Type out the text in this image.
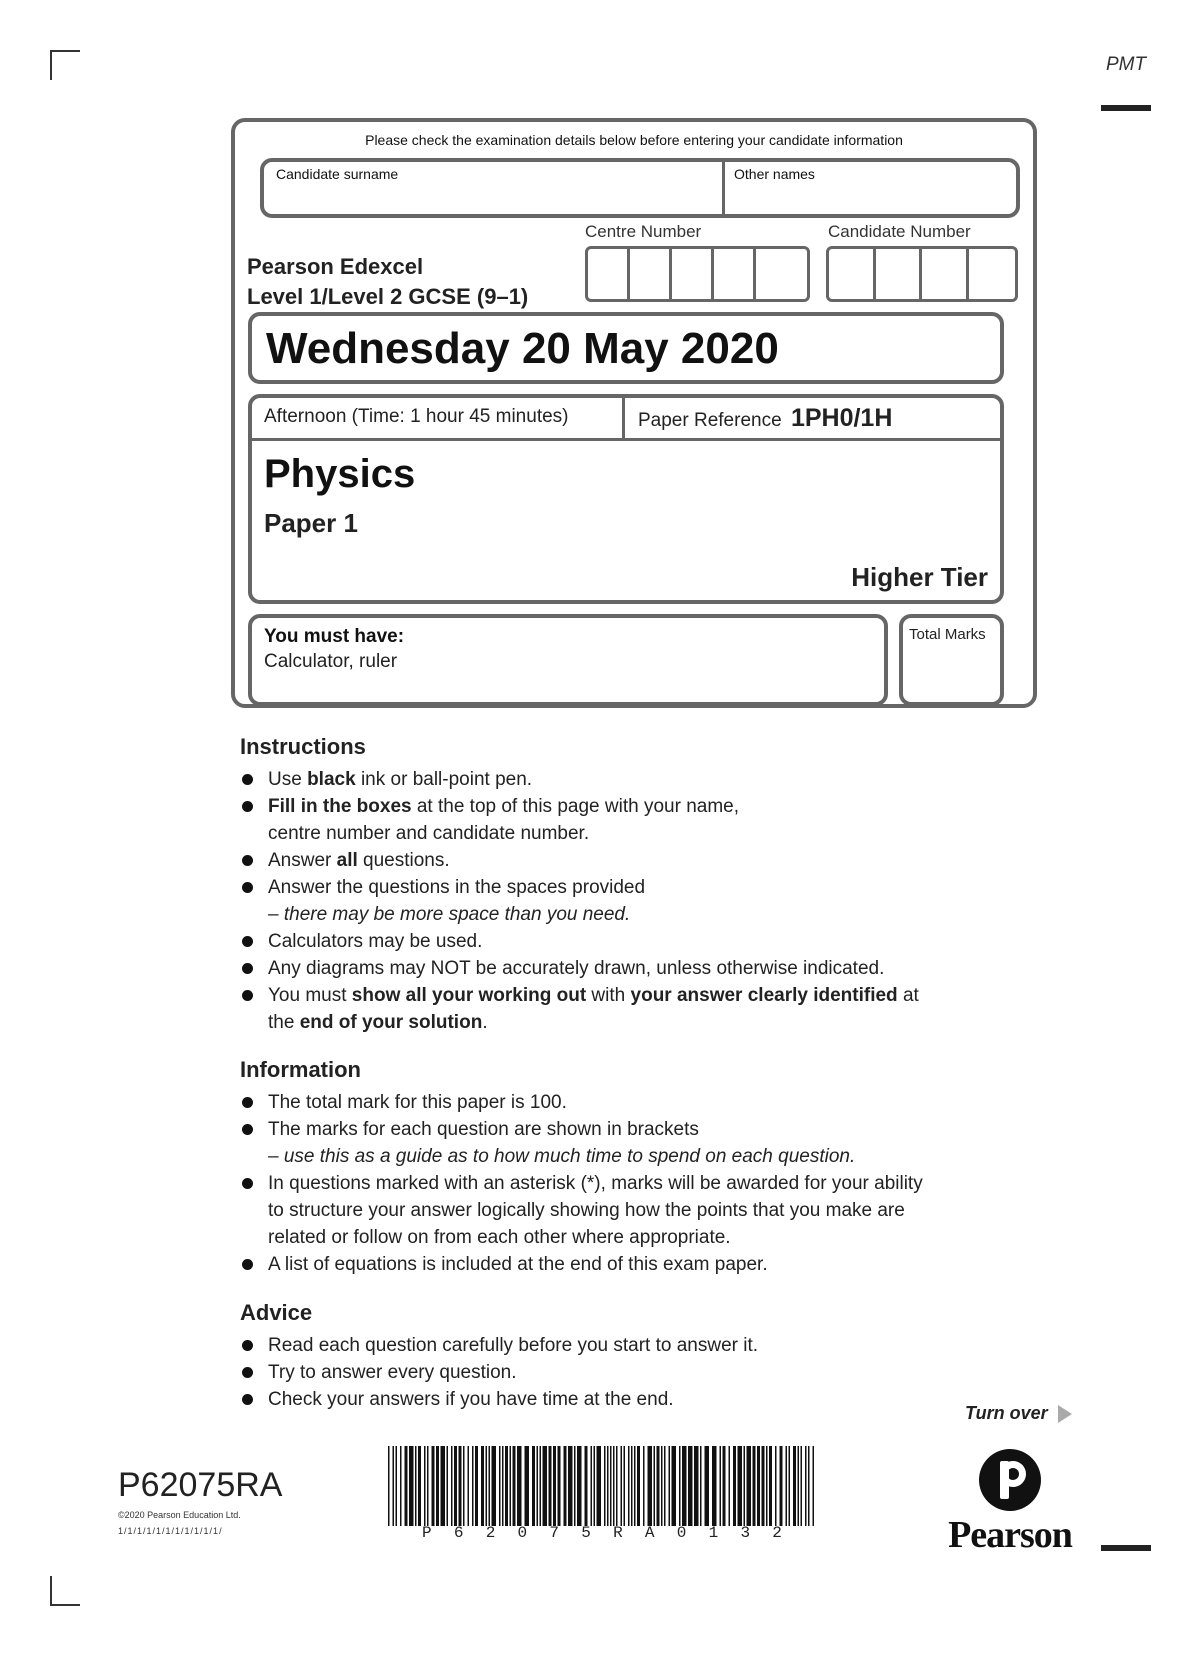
PMT
Please check the examination details below before entering your candidate information
Candidate surname	Other names
Centre Number	Candidate Number
Pearson Edexcel
Level 1/Level 2 GCSE (9–1)
Wednesday 20 May 2020
Afternoon (Time: 1 hour 45 minutes)	Paper Reference 1PH0/1H
Physics
Paper 1
Higher Tier
You must have:
Calculator, ruler
Total Marks
Instructions
Use black ink or ball-point pen.
Fill in the boxes at the top of this page with your name,
centre number and candidate number.
Answer all questions.
Answer the questions in the spaces provided
– there may be more space than you need.
Calculators may be used.
Any diagrams may NOT be accurately drawn, unless otherwise indicated.
You must show all your working out with your answer clearly identified at
the end of your solution.
Information
The total mark for this paper is 100.
The marks for each question are shown in brackets
– use this as a guide as to how much time to spend on each question.
In questions marked with an asterisk (*), marks will be awarded for your ability
to structure your answer logically showing how the points that you make are
related or follow on from each other where appropriate.
A list of equations is included at the end of this exam paper.
Advice
Read each question carefully before you start to answer it.
Try to answer every question.
Check your answers if you have time at the end.
Turn over
P62075RA
©2020 Pearson Education Ltd.
1/1/1/1/1/1/1/1/1/1/1/	P 6 2 0 7 5 R A 0 1 3 2	Pearson
